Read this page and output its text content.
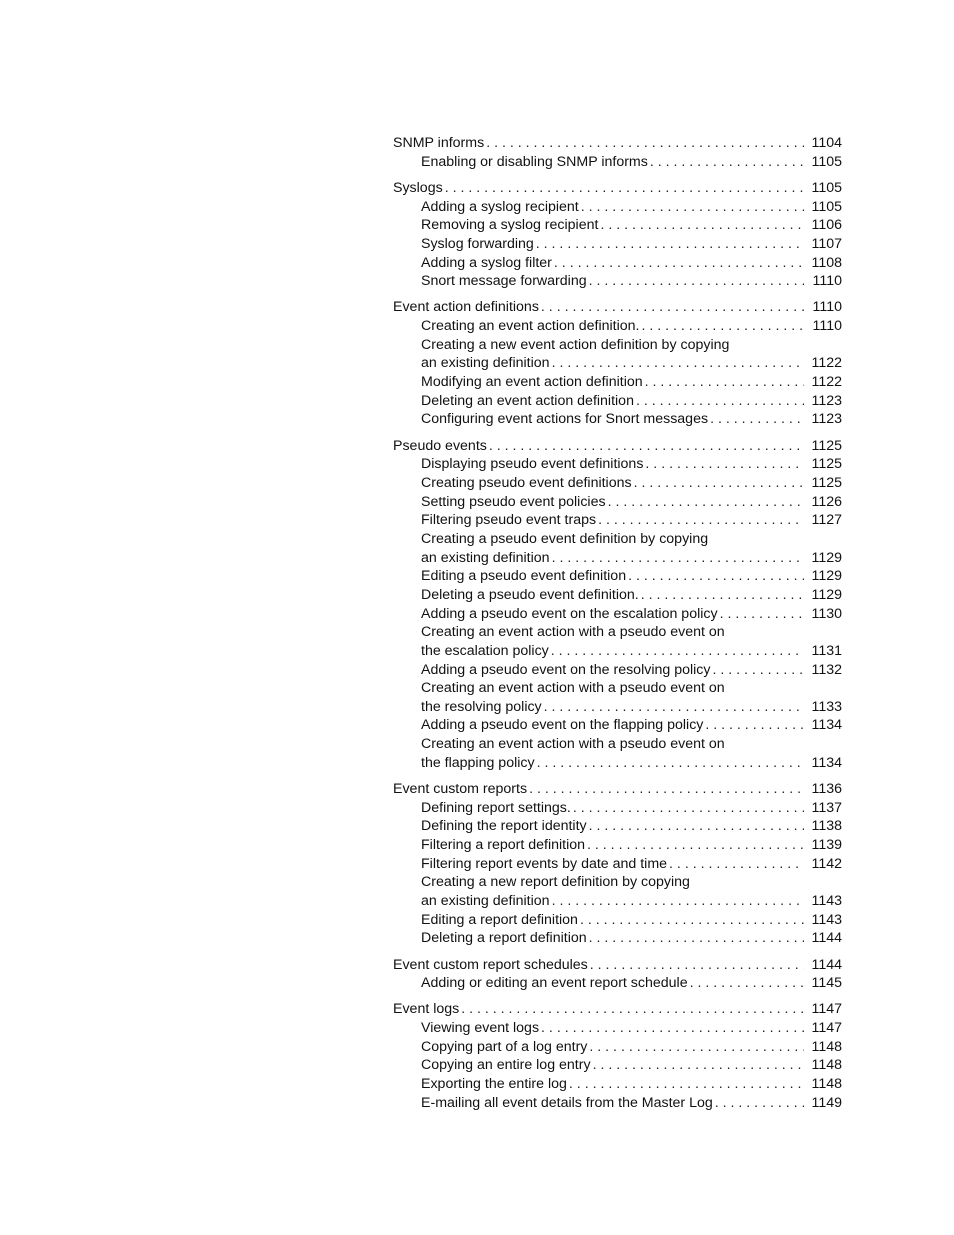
SNMP informs . . .	1104
Enabling or disabling SNMP informs . . .	1105
Syslogs . . .	1105
Adding a syslog recipient . . .	1105
Removing a syslog recipient . . .	1106
Syslog forwarding . . .	1107
Adding a syslog filter . . .	1108
Snort message forwarding . . .	1110
Event action definitions . . .	1110
Creating an event action definition. . . .	1110
Creating a new event action definition by copying
an existing definition . . .	1122
Modifying an event action definition . . .	1122
Deleting an event action definition . . .	1123
Configuring event actions for Snort messages . . .	1123
Pseudo events . . .	1125
Displaying pseudo event definitions . . .	1125
Creating pseudo event definitions . . .	1125
Setting pseudo event policies . . .	1126
Filtering pseudo event traps . . .	1127
Creating a pseudo event definition by copying
an existing definition . . .	1129
Editing a pseudo event definition . . .	1129
Deleting a pseudo event definition. . . .	1129
Adding a pseudo event on the escalation policy . . .	1130
Creating an event action with a pseudo event on
the escalation policy . . .	1131
Adding a pseudo event on the resolving policy . . .	1132
Creating an event action with a pseudo event on
the resolving policy . . .	1133
Adding a pseudo event on the flapping policy . . .	1134
Creating an event action with a pseudo event on
the flapping policy . . .	1134
Event custom reports . . .	1136
Defining report settings. . . .	1137
Defining the report identity . . .	1138
Filtering a report definition . . .	1139
Filtering report events by date and time . . .	1142
Creating a new report definition by copying
an existing definition . . .	1143
Editing a report definition . . .	1143
Deleting a report definition . . .	1144
Event custom report schedules . . .	1144
Adding or editing an event report schedule . . .	1145
Event logs . . .	1147
Viewing event logs . . .	1147
Copying part of a log entry . . .	1148
Copying an entire log entry . . .	1148
Exporting the entire log . . .	1148
E-mailing all event details from the Master Log . . .	1149
